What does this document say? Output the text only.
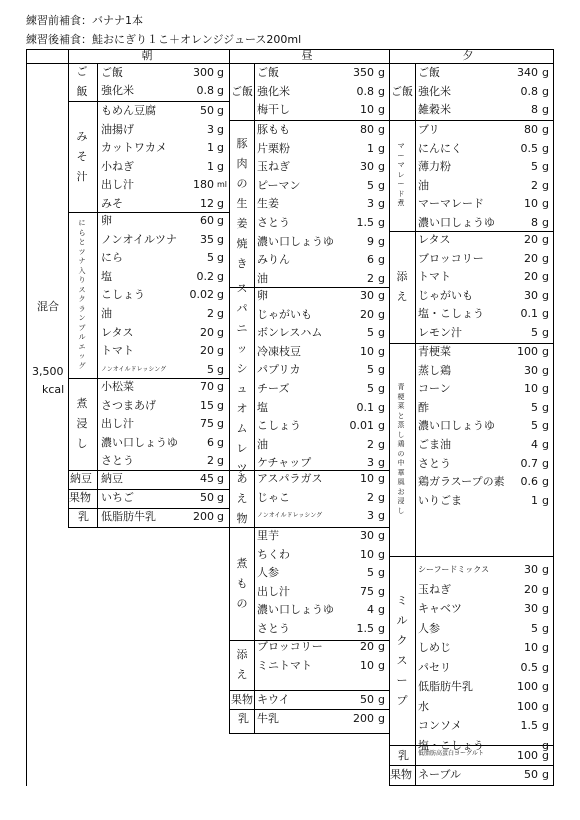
練習前補食：バナナ1本
練習後補食：鮭おにぎり１こ＋オレンジジュース200ml
朝	昼	夕
混合
3,500
kcal
ご飯
ご飯	300 g
強化米	0.8 g
みそ汁
もめん豆腐	50 g
油揚げ	3 g
カットワカメ	1 g
小ねぎ	1 g
出し汁	180 ml
みそ	12 g
にらとツナ入りスクランブルエッグ
卵	60 g
ノンオイルツナ	35 g
にら	5 g
塩	0.2 g
こしょう	0.02 g
油	2 g
レタス	20 g
トマト	20 g
ノンオイルドレッシング	5 g
煮浸し
小松菜	70 g
さつまあげ	15 g
出し汁	75 g
濃い口しょうゆ	6 g
さとう	2 g
納豆 納豆	45 g
果物 いちご	50 g
乳 低脂肪牛乳	200 g
ご飯
ご飯	350 g
強化米	0.8 g
梅干し	10 g
豚肉の生姜焼き
豚もも	80 g
片栗粉	1 g
玉ねぎ	30 g
ピーマン	5 g
生姜	3 g
さとう	1.5 g
濃い口しょうゆ	9 g
みりん	6 g
油	2 g
スパニッシュオムレツ
卵	30 g
じゃがいも	20 g
ボンレスハム	5 g
冷凍枝豆	10 g
パプリカ	5 g
チーズ	5 g
塩	0.1 g
こしょう	0.01 g
油	2 g
ケチャップ	3 g
あえ物
アスパラガス	10 g
じゃこ	2 g
ノンオイルドレッシング	3 g
煮もの
里芋	30 g
ちくわ	10 g
人参	5 g
出し汁	75 g
濃い口しょうゆ	4 g
さとう	1.5 g
添え
ブロッコリー	20 g
ミニトマト	10 g
果物 キウイ	50 g
乳 牛乳	200 g
ご飯
ご飯	340 g
強化米	0.8 g
雑穀米	8 g
マーマレード煮
ブリ	80 g
にんにく	0.5 g
薄力粉	5 g
油	2 g
マーマレード	10 g
濃い口しょうゆ	8 g
添え
レタス	20 g
ブロッコリー	20 g
トマト	20 g
じゃがいも	30 g
塩・こしょう	0.1 g
レモン汁	5 g
青梗菜と蒸し鶏の中華風お浸し
青梗菜	100 g
蒸し鶏	30 g
コーン	10 g
酢	5 g
濃い口しょうゆ	5 g
ごま油	4 g
さとう	0.7 g
鶏ガラスープの素	0.6 g
いりごま	1 g
ミルクスープ
シーフードミックス	30 g
玉ねぎ	20 g
キャベツ	30 g
人参	5 g
しめじ	10 g
パセリ	0.5 g
低脂肪牛乳	100 g
水	100 g
コンソメ	1.5 g
塩・こしょう	g
乳 低脂肪高蛋白ヨーグルト	100 g
果物 ネーブル	50 g
